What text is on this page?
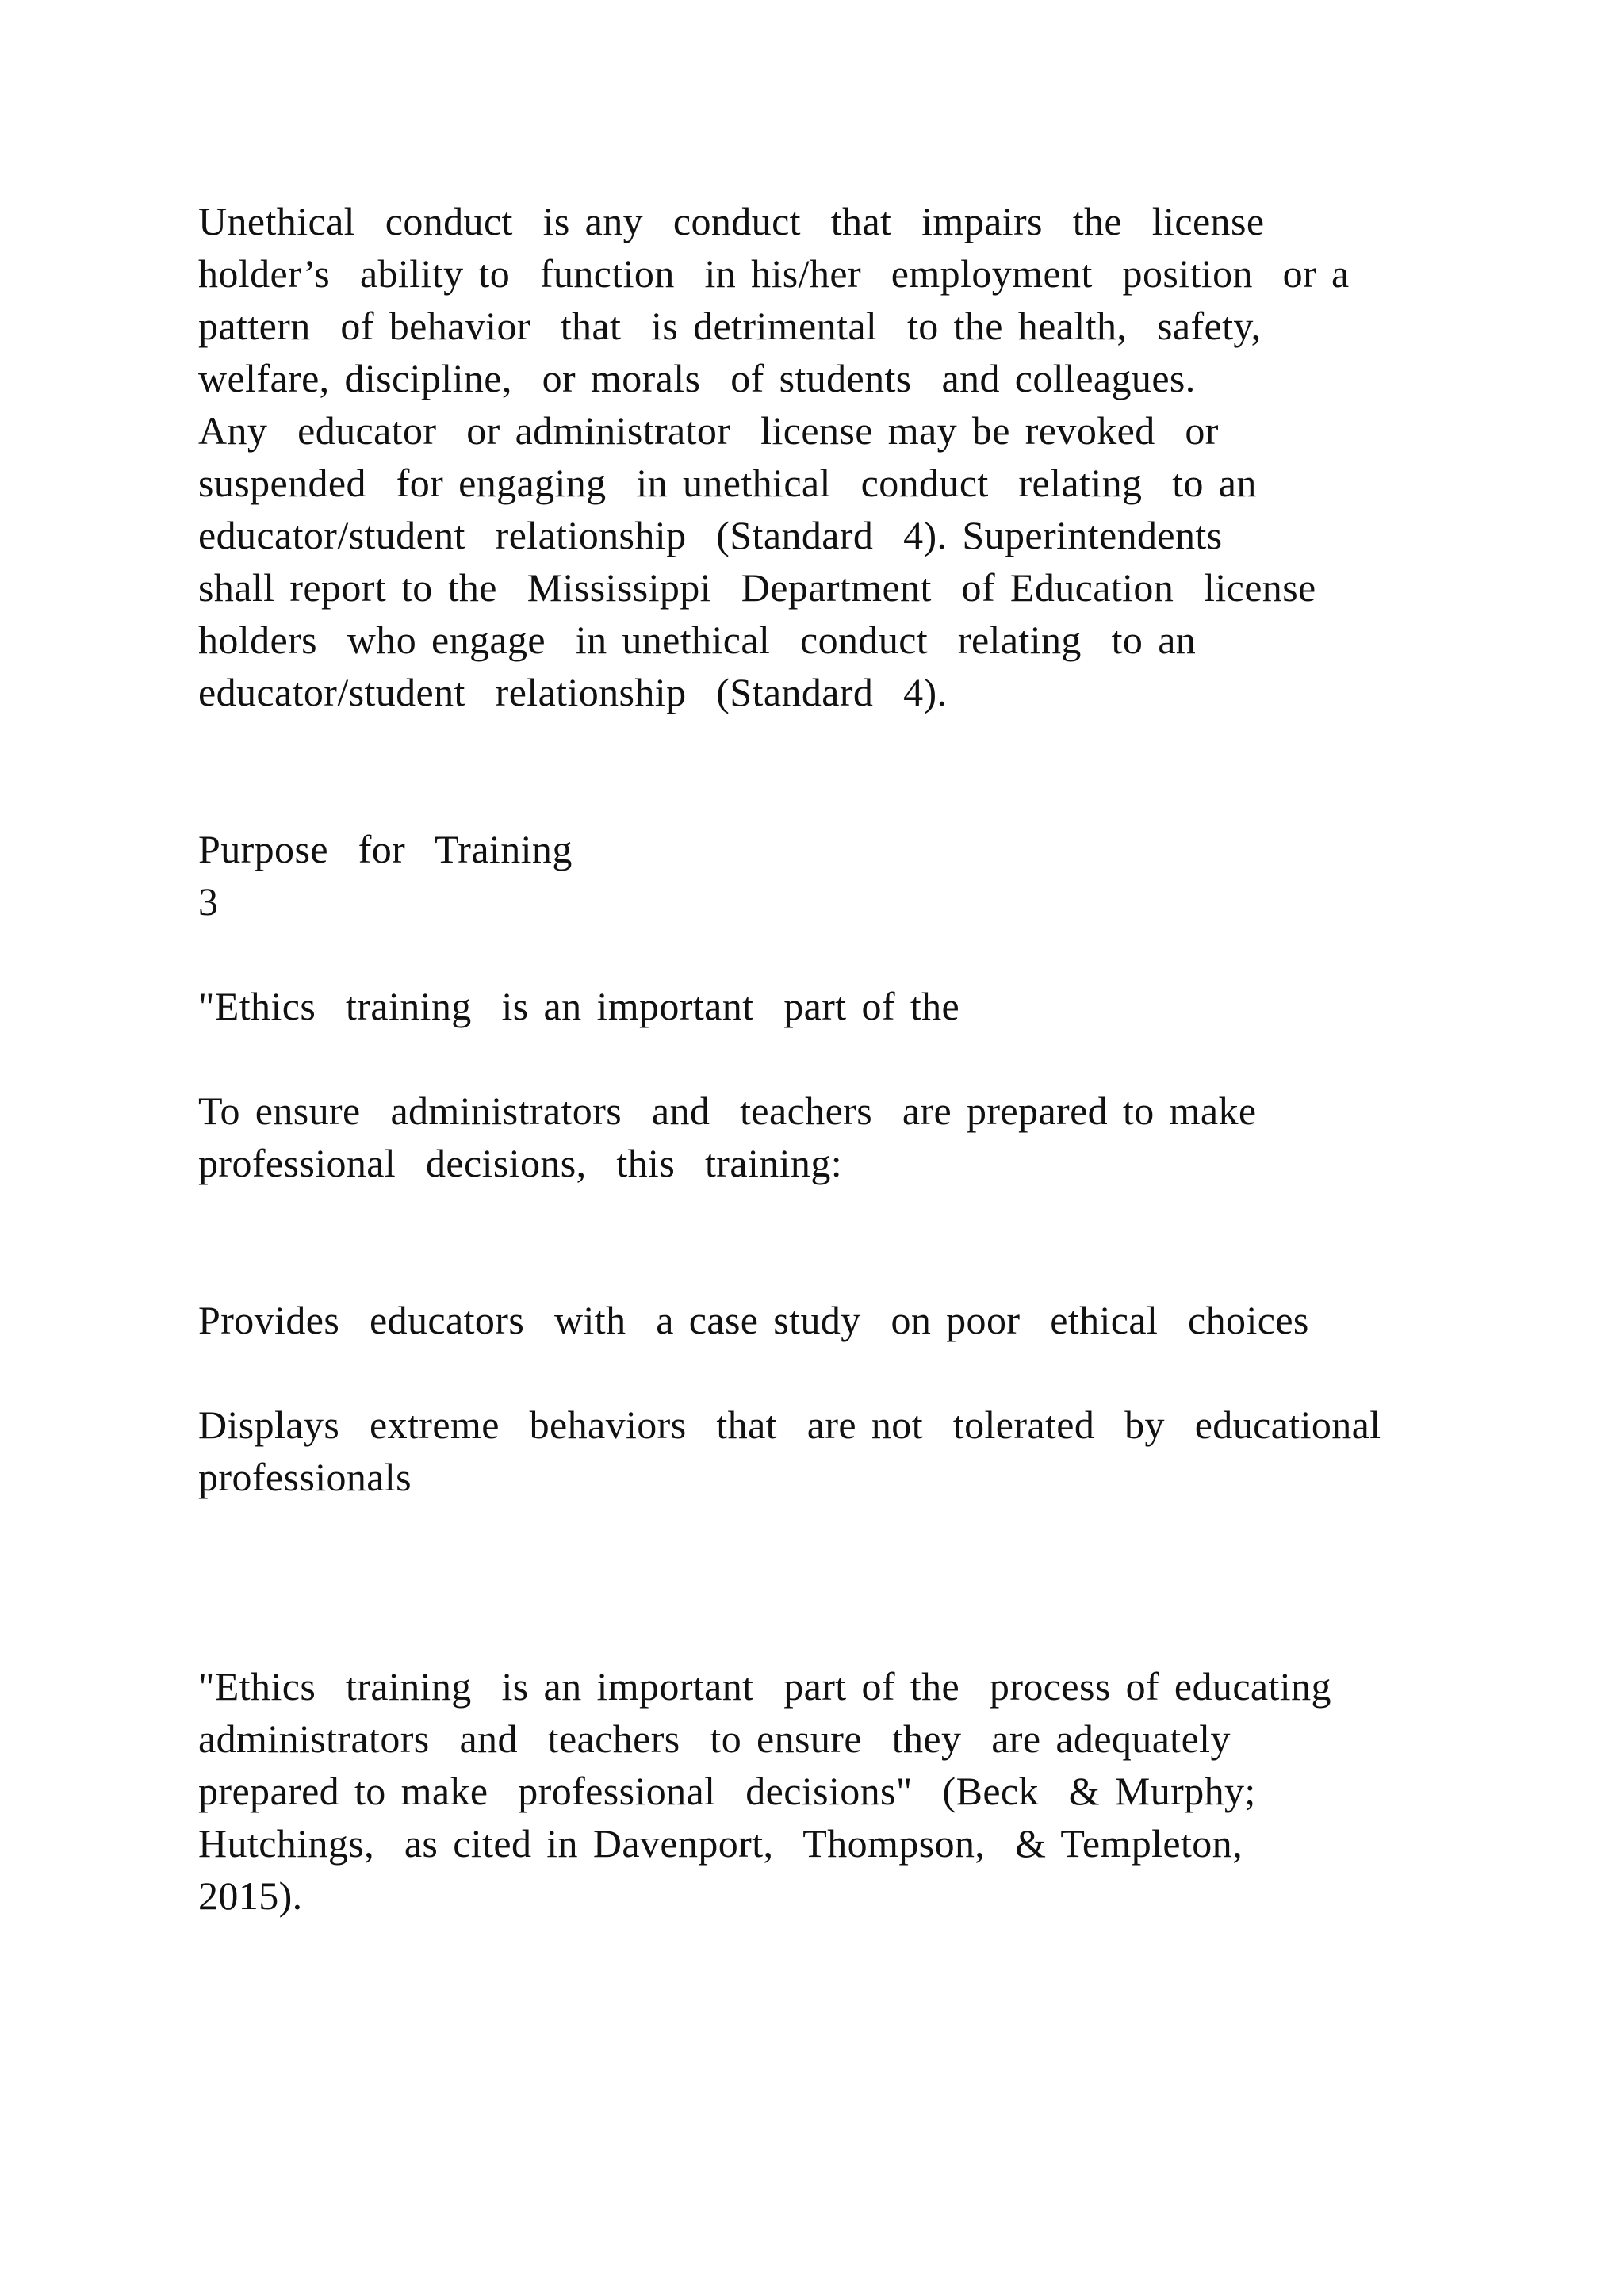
Unethical  conduct  is any  conduct  that  impairs  the  license

holder’s  ability to  function  in his/her  employment  position  or a

pattern  of behavior  that  is detrimental  to the health,  safety,

welfare, discipline,  or morals  of students  and colleagues.

Any  educator  or administrator  license may be revoked  or

suspended  for engaging  in unethical  conduct  relating  to an

educator/student  relationship  (Standard  4). Superintendents

shall report to the  Mississippi  Department  of Education  license

holders  who engage  in unethical  conduct  relating  to an

educator/student  relationship  (Standard  4).

Purpose  for  Training

3

"Ethics  training  is an important  part of the

To ensure  administrators  and  teachers  are prepared to make

professional  decisions,  this  training:

Provides  educators  with  a case study  on poor  ethical  choices

Displays  extreme  behaviors  that  are not  tolerated  by  educational

professionals

"Ethics  training  is an important  part of the  process of educating

administrators  and  teachers  to ensure  they  are adequately

prepared to make  professional  decisions"  (Beck  & Murphy;

Hutchings,  as cited in Davenport,  Thompson,  & Templeton,

2015).
